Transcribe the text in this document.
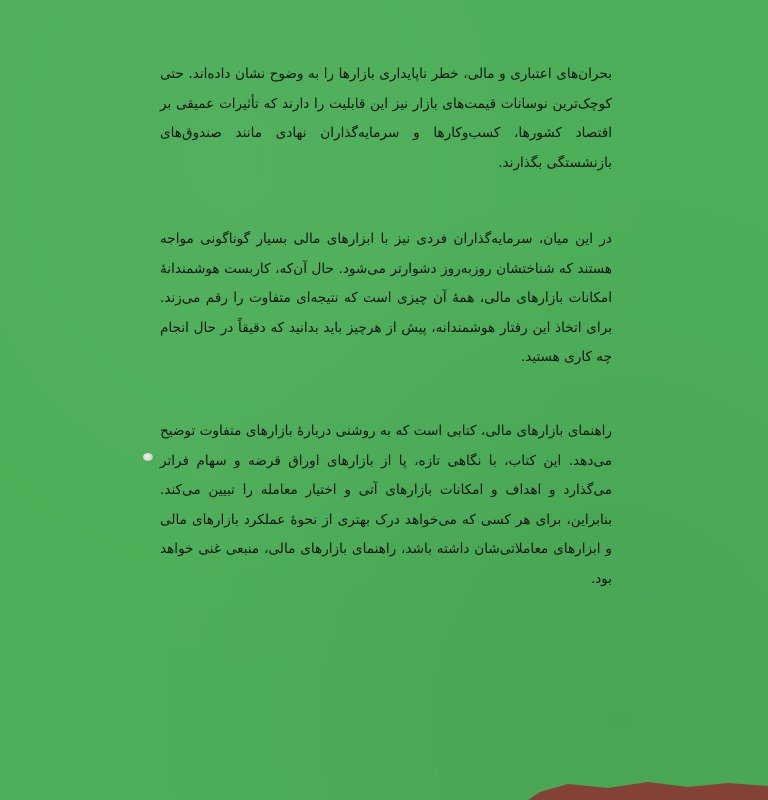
بحران‌های اعتباری و مالی، خطر ناپایداری بازارها را به وضوح نشان داده‌اند. حتی کوچک‌ترین نوسانات قیمت‌های بازار نیز این قابلیت را دارند که تأثیرات عمیقی بر اقتصاد کشورها، کسب‌وکارها و سرمایه‌گذاران نهادی مانند صندوق‌های بازنشستگی بگذارند.

در این میان، سرمایه‌گذاران فردی نیز با ابزارهای مالی بسیار گوناگونی مواجه هستند که شناختشان روزبه‌روز دشوارتر می‌شود. حال آن‌که، کاربست هوشمندانهٔ امکانات بازارهای مالی، همهٔ آن چیزی است که نتیجه‌ای متفاوت را رقم می‌زند. برای اتخاذ این رفتار هوشمندانه، پیش از هرچیز باید بدانید که دقیقاً در حال انجام چه کاری هستید.

راهنمای بازارهای مالی، کتابی است که به روشنی دربارهٔ بازارهای متفاوت توضیح می‌دهد. این کتاب، با نگاهی تازه، پا از بازارهای اوراق قرضه و سهام فراتر می‌گذارد و اهداف و امکانات بازارهای آتی و اختیار معامله را تبیین می‌کند. بنابراین، برای هر کسی که می‌خواهد درک بهتری از نحوهٔ عملکرد بازارهای مالی و ابزارهای معاملاتی‌شان داشته باشد، راهنمای بازارهای مالی، منبعی غنی خواهد بود.
